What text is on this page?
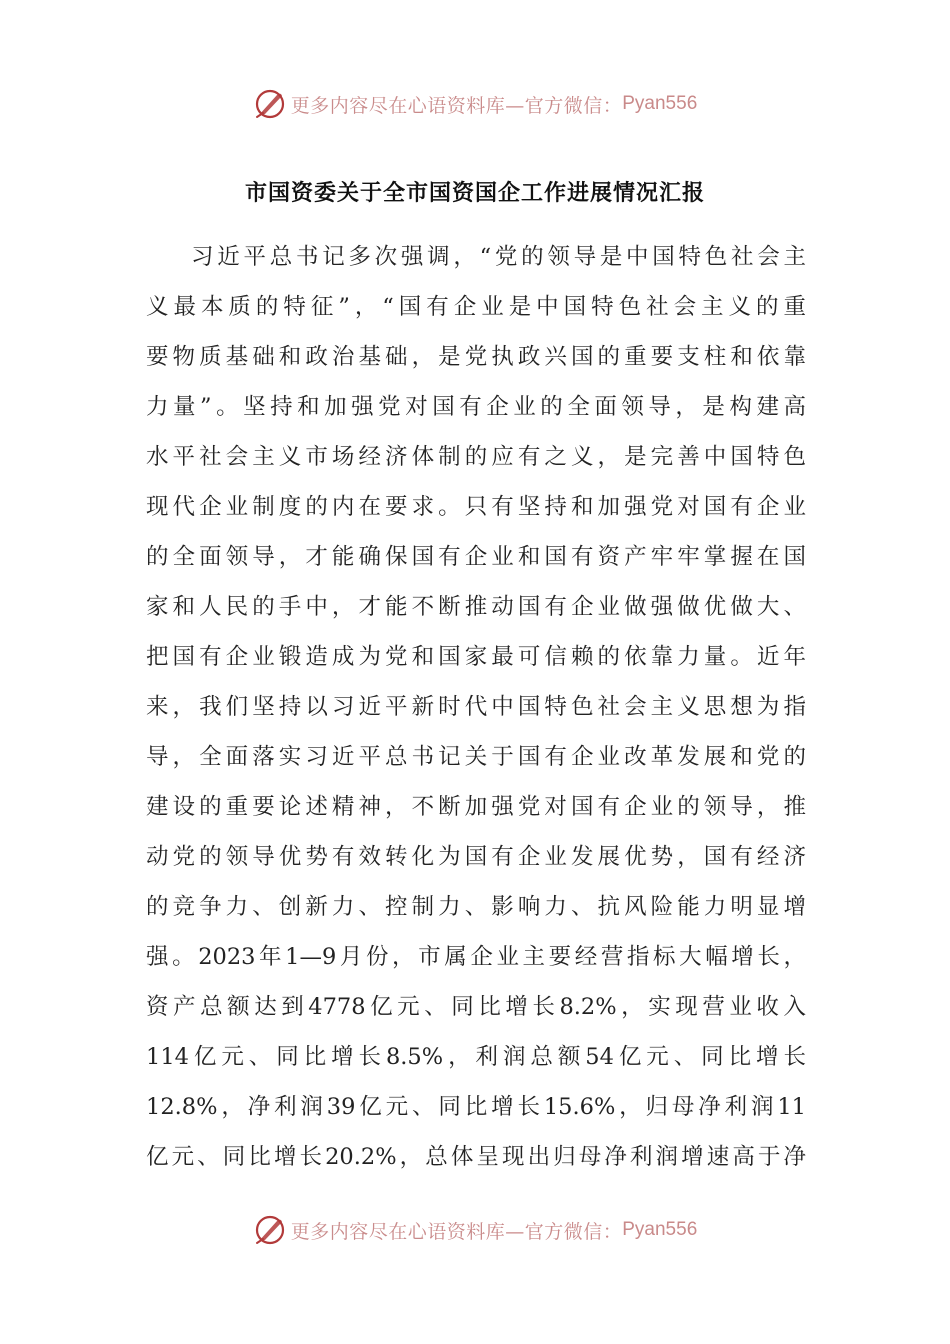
更多内容尽在心语资料库—官方微信： Pyan556
市国资委关于全市国资国企工作进展情况汇报
习近平总书记多次强调，“党的领导是中国特色社会主
义最本质的特征”，“国有企业是中国特色社会主义的重
要物质基础和政治基础，是党执政兴国的重要支柱和依靠
力量”。坚持和加强党对国有企业的全面领导，是构建高
水平社会主义市场经济体制的应有之义，是完善中国特色
现代企业制度的内在要求。只有坚持和加强党对国有企业
的全面领导，才能确保国有企业和国有资产牢牢掌握在国
家和人民的手中，才能不断推动国有企业做强做优做大、
把国有企业锻造成为党和国家最可信赖的依靠力量。近年
来，我们坚持以习近平新时代中国特色社会主义思想为指
导，全面落实习近平总书记关于国有企业改革发展和党的
建设的重要论述精神，不断加强党对国有企业的领导，推
动党的领导优势有效转化为国有企业发展优势，国有经济
的竞争力、创新力、控制力、影响力、抗风险能力明显增
强。2023年1—9月份，市属企业主要经营指标大幅增长，
资产总额达到4778亿元、同比增长8.2%，实现营业收入
114亿元、同比增长8.5%，利润总额54亿元、同比增长
12.8%，净利润39亿元、同比增长15.6%，归母净利润11
亿元、同比增长20.2%，总体呈现出归母净利润增速高于净
更多内容尽在心语资料库—官方微信： Pyan556
